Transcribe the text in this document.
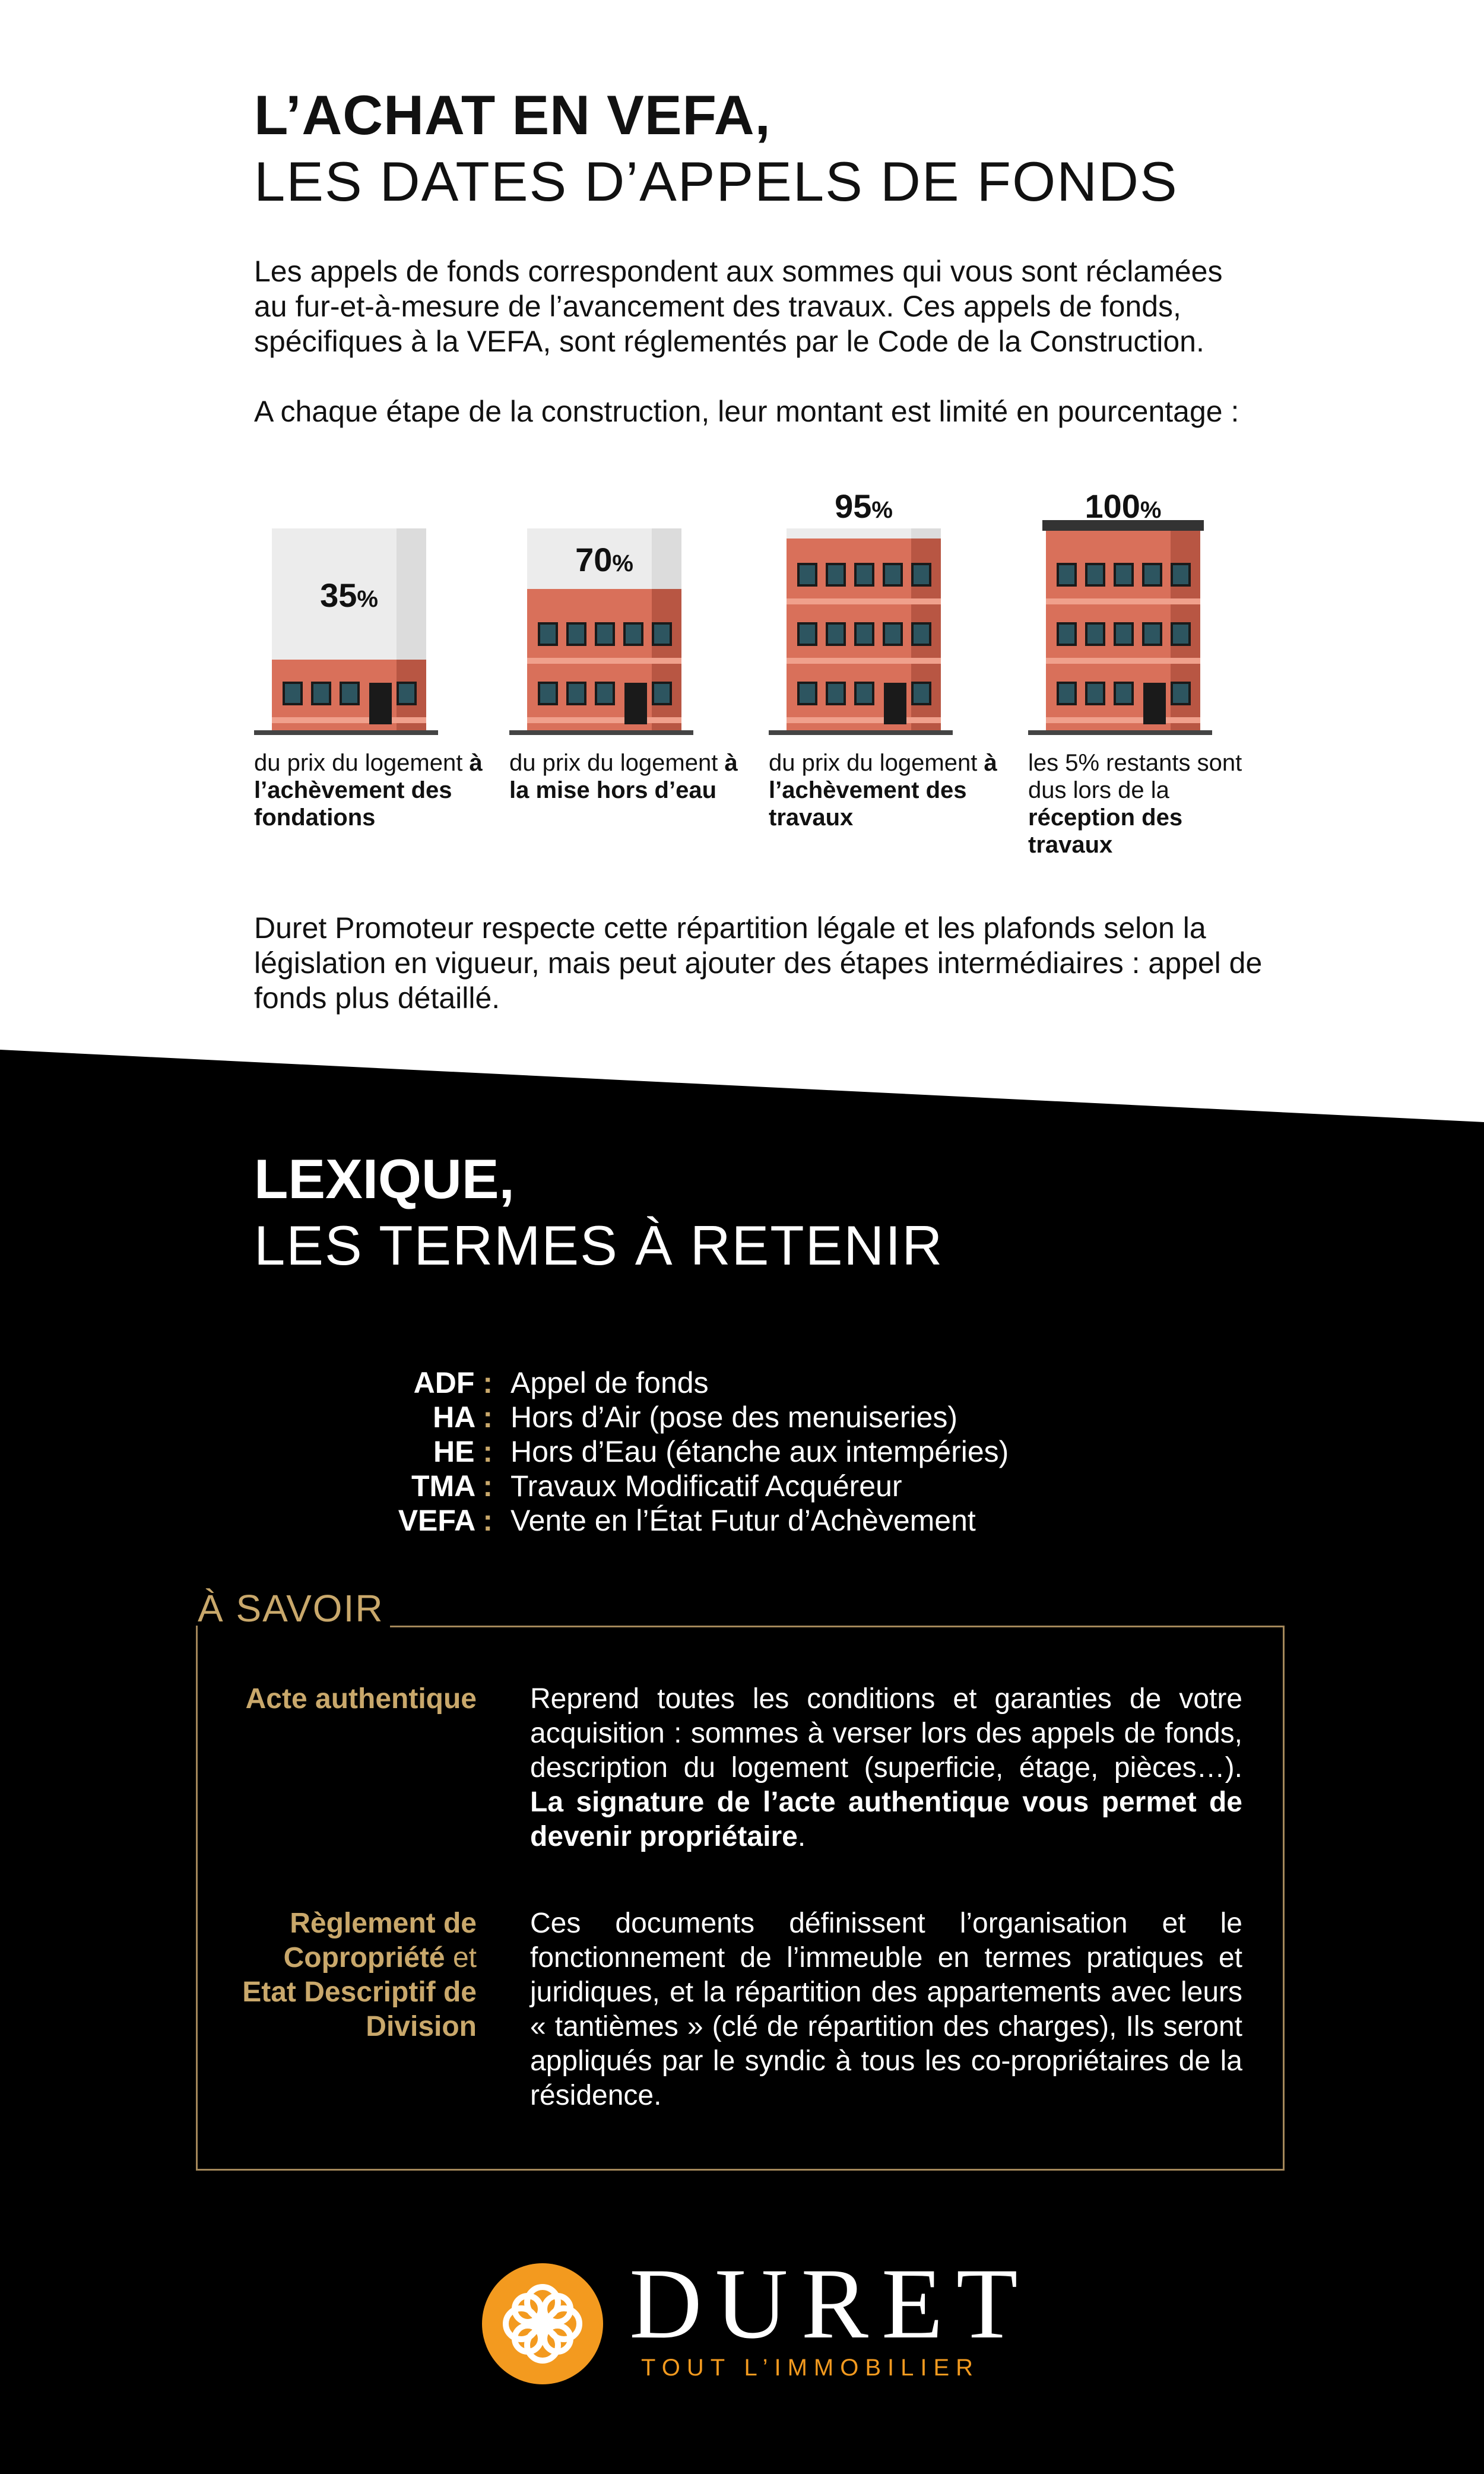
L’ACHAT EN VEFA,
LES DATES D’APPELS DE FONDS

Les appels de fonds correspondent aux sommes qui vous sont réclamées au fur-et-à-mesure de l’avancement des travaux. Ces appels de fonds, spécifiques à la VEFA, sont réglementés par le Code de la Construction.

A chaque étape de la construction, leur montant est limité en pourcentage :

35%
du prix du logement à l’achèvement des fondations
70%
du prix du logement à la mise hors d’eau
95%
du prix du logement à l’achèvement des travaux
100%
les 5% restants sont dus lors de la réception des travaux
Duret Promoteur respecte cette répartition légale et les plafonds selon la législation en vigueur, mais peut ajouter des étapes intermédiaires : appel de fonds plus détaillé.
LEXIQUE,
LES TERMES À RETENIR
ADF : Appel de fonds
HA : Hors d’Air (pose des menuiseries)
HE : Hors d’Eau (étanche aux intempéries)
TMA : Travaux Modificatif Acquéreur
VEFA : Vente en l’État Futur d’Achèvement
Acte authentique Reprend toutes les conditions et garanties de votre acquisition : sommes à verser lors des appels de fonds, description du logement (superficie, étage, pièces…). La signature de l’acte authentique vous permet de devenir propriétaire.
Règlement de Copropriété et Etat Descriptif de Division
Ces documents définissent l’organisation et le fonctionnement de l’immeuble en termes pratiques et juridiques, et la répartition des appartements avec leurs « tantièmes » (clé de répartition des charges), Ils seront appliqués par le syndic à tous les co-propriétaires de la résidence.
À SAVOIR
DURET
TOUT L’IMMOBILIER
